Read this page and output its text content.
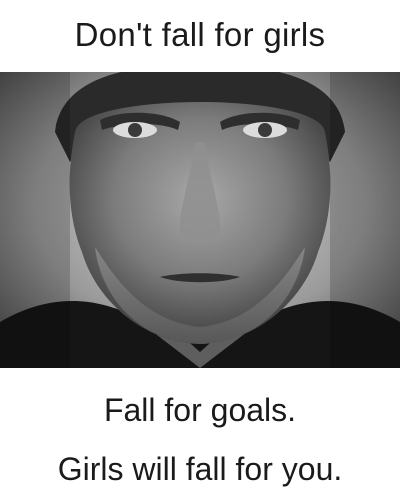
Don't fall for girls
Fall for goals.
Girls will fall for you.
